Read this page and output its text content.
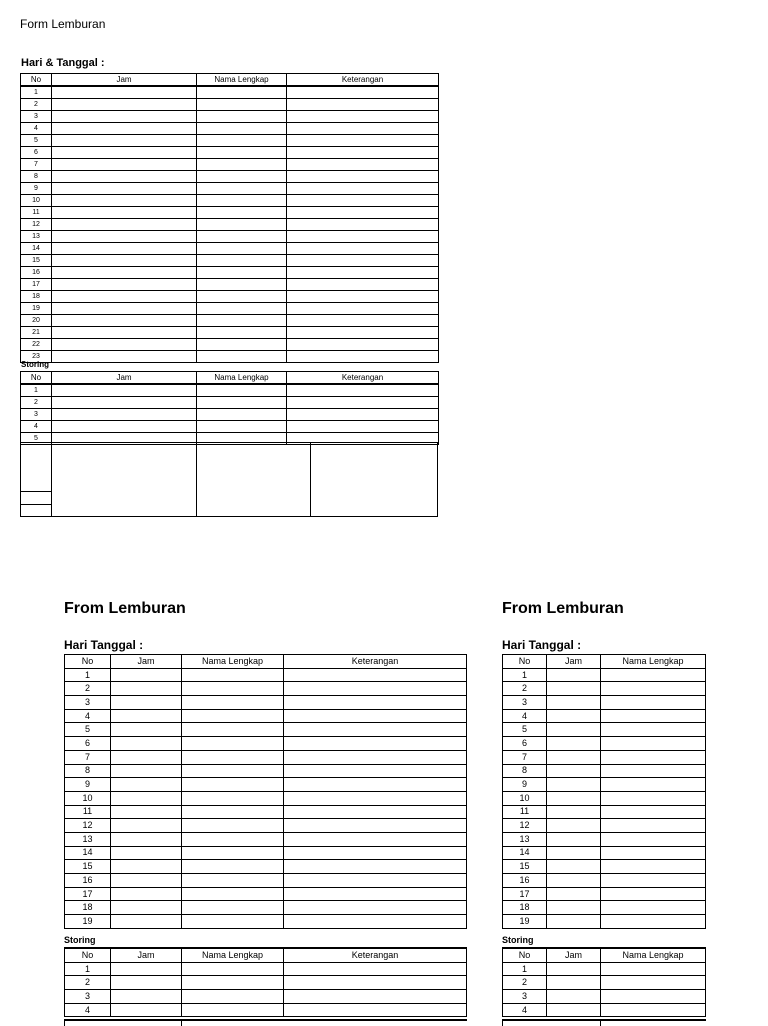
Form Lemburan
Hari & Tanggal :
No	Jam	Nama Lengkap	Keterangan
1			
2			
3			
4			
5			
6			
7			
8			
9			
10			
11			
12			
13			
14			
15			
16			
17			
18			
19			
20			
21			
22			
23			
Storing
No	Jam	Nama Lengkap	Keterangan
1			
2			
3			
4			
5			
From Lemburan
Hari Tanggal :
No	Jam	Nama Lengkap	Keterangan
1			
2			
3			
4			
5			
6			
7			
8			
9			
10			
11			
12			
13			
14			
15			
16			
17			
18			
19			
Storing
No	Jam	Nama Lengkap	Keterangan
1			
2			
3			
4			
From Lemburan
Hari Tanggal :
No	Jam	Nama Lengkap
1		
2		
3		
4		
5		
6		
7		
8		
9		
10		
11		
12		
13		
14		
15		
16		
17		
18		
19		
Storing
No	Jam	Nama Lengkap
1		
2		
3		
4		
